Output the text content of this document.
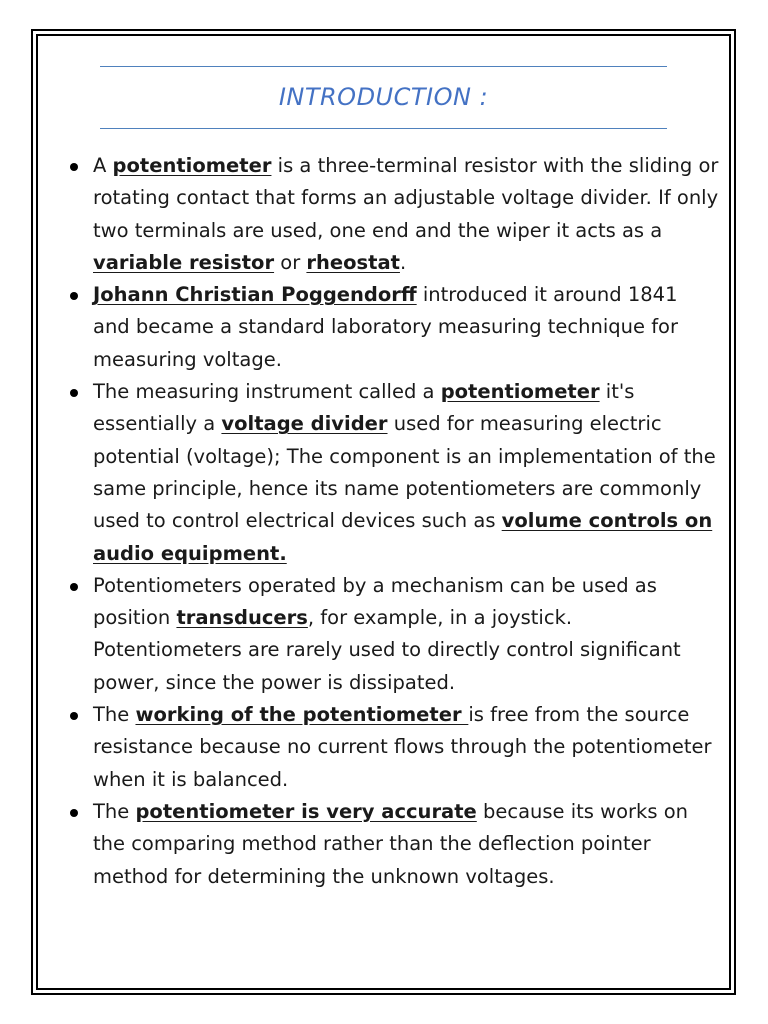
INTRODUCTION :
A potentiometer is a three-terminal resistor with the sliding or rotating contact that forms an adjustable voltage divider. If only two terminals are used, one end and the wiper it acts as a variable resistor or rheostat.
Johann Christian Poggendorff introduced it around 1841 and became a standard laboratory measuring technique for measuring voltage.
The measuring instrument called a potentiometer it's essentially a voltage divider used for measuring electric potential (voltage); The component is an implementation of the same principle, hence its name potentiometers are commonly used to control electrical devices such as volume controls on audio equipment.
Potentiometers operated by a mechanism can be used as position transducers, for example, in a joystick. Potentiometers are rarely used to directly control significant power, since the power is dissipated.
The working of the potentiometer is free from the source resistance because no current flows through the potentiometer when it is balanced.
The potentiometer is very accurate because its works on the comparing method rather than the deflection pointer method for determining the unknown voltages.
